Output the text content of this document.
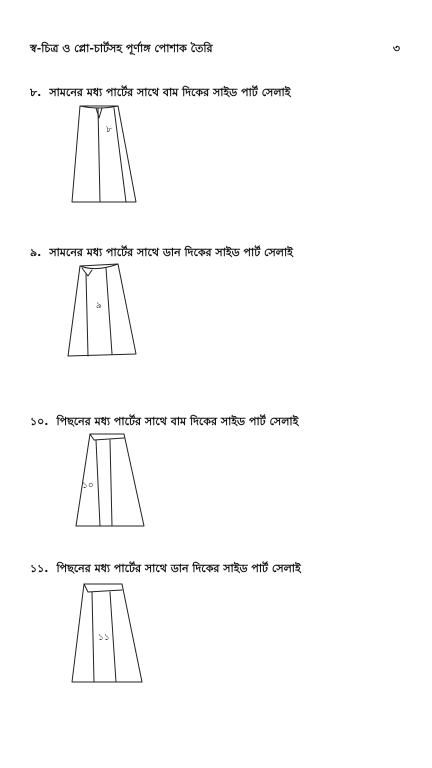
স্ব-চিত্র ও প্লো-চার্টসহ পূর্ণাঙ্গ পোশাক তৈরি	৩
৮. সামনের মধ্য পার্টের সাথে বাম দিকের সাইড পার্ট সেলাই
৮
৯. সামনের মধ্য পার্টের সাথে ডান দিকের সাইড পার্ট সেলাই
৯
১০. পিছনের মধ্য পার্টের সাথে বাম দিকের সাইড পার্ট সেলাই
১০
১১. পিছনের মধ্য পার্টের সাথে ডান দিকের সাইড পার্ট সেলাই
১১
